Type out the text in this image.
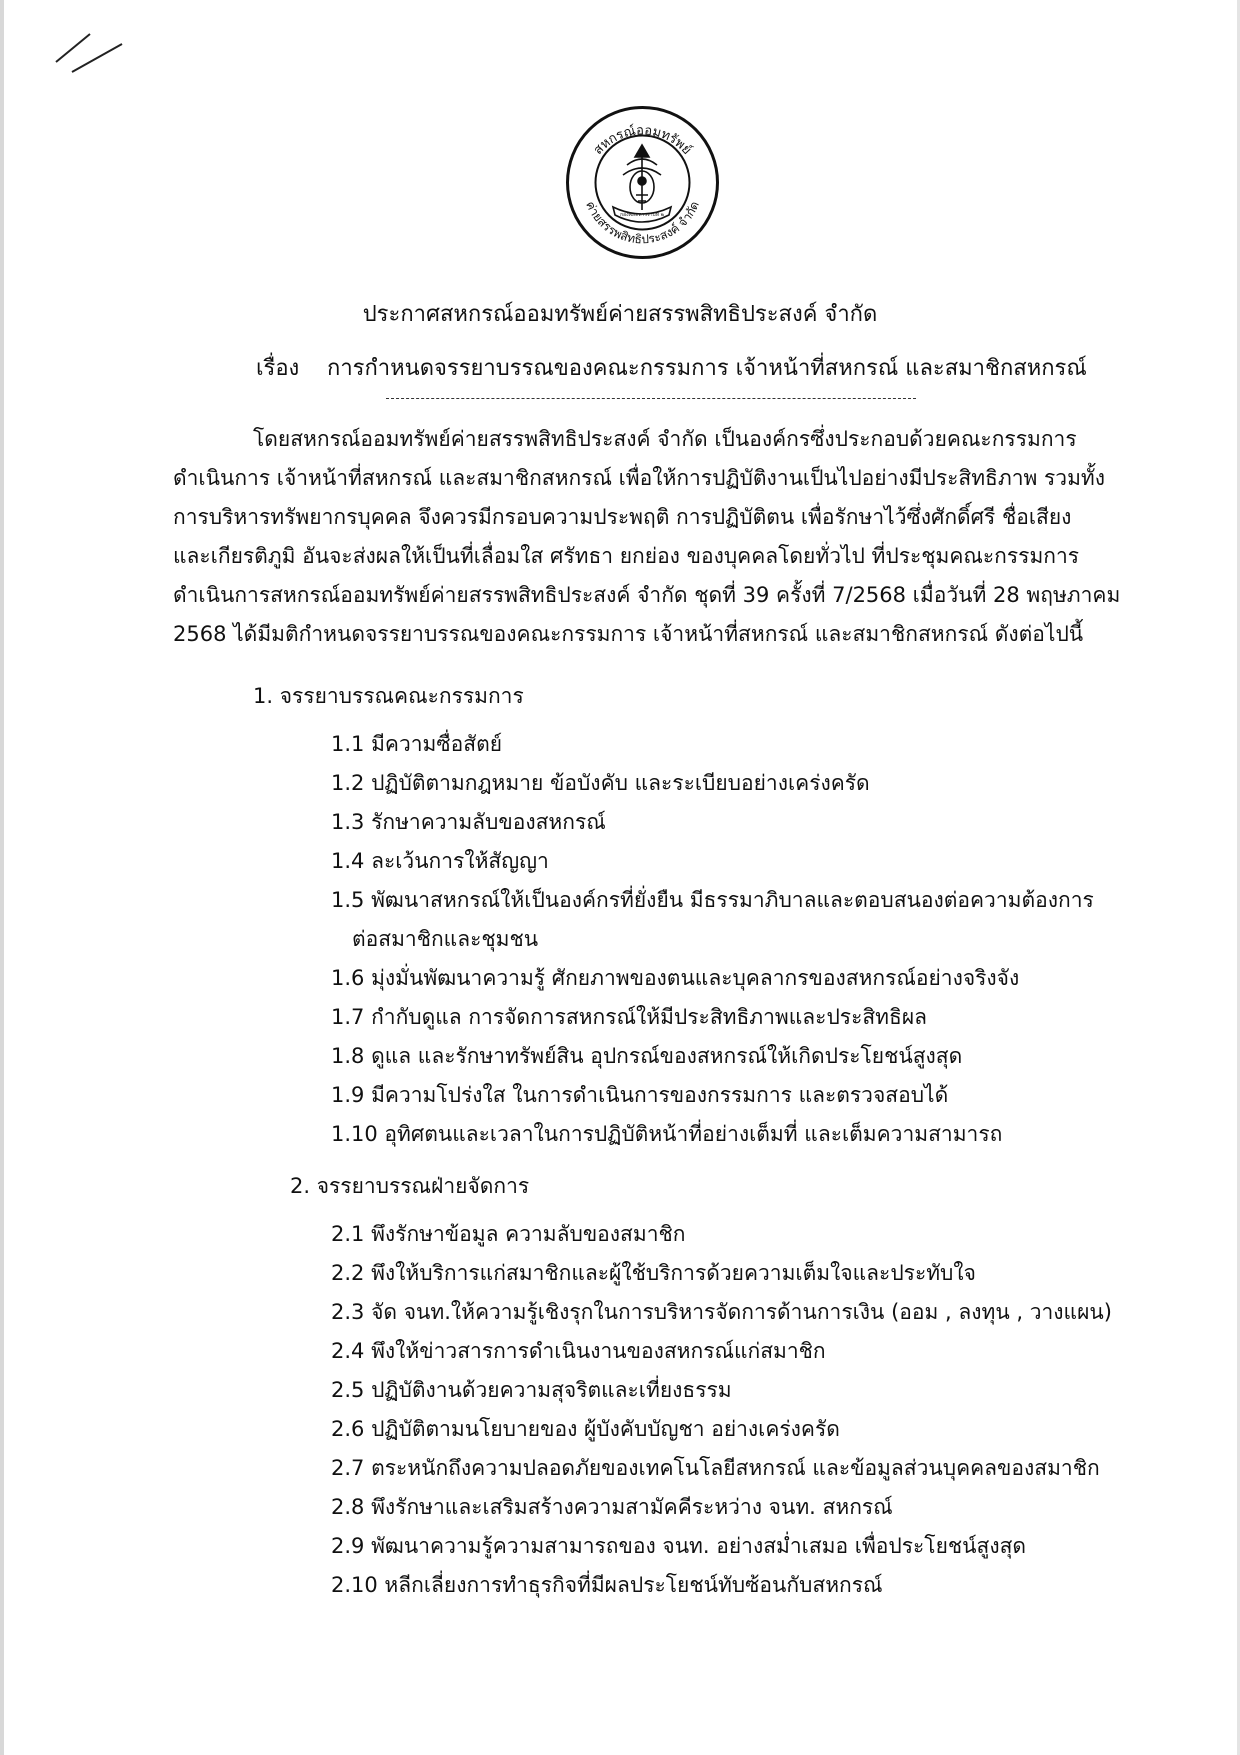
สหกรณ์ออมทรัพย์
ค่ายสรรพสิทธิประสงค์ จำกัด
กองพลทหารราบที่ ๒
ประกาศสหกรณ์ออมทรัพย์ค่ายสรรพสิทธิประสงค์ จำกัด
เรื่อง การกำหนดจรรยาบรรณของคณะกรรมการ เจ้าหน้าที่สหกรณ์ และสมาชิกสหกรณ์
โดยสหกรณ์ออมทรัพย์ค่ายสรรพสิทธิประสงค์ จำกัด เป็นองค์กรซึ่งประกอบด้วยคณะกรรมการ
ดำเนินการ เจ้าหน้าที่สหกรณ์ และสมาชิกสหกรณ์ เพื่อให้การปฏิบัติงานเป็นไปอย่างมีประสิทธิภาพ รวมทั้ง
การบริหารทรัพยากรบุคคล จึงควรมีกรอบความประพฤติ การปฏิบัติตน เพื่อรักษาไว้ซึ่งศักดิ์ศรี ชื่อเสียง
และเกียรติภูมิ อันจะส่งผลให้เป็นที่เลื่อมใส ศรัทธา ยกย่อง ของบุคคลโดยทั่วไป ที่ประชุมคณะกรรมการ
ดำเนินการสหกรณ์ออมทรัพย์ค่ายสรรพสิทธิประสงค์ จำกัด ชุดที่ 39 ครั้งที่ 7/2568 เมื่อวันที่ 28 พฤษภาคม
2568 ได้มีมติกำหนดจรรยาบรรณของคณะกรรมการ เจ้าหน้าที่สหกรณ์ และสมาชิกสหกรณ์ ดังต่อไปนี้
1. จรรยาบรรณคณะกรรมการ
1.1 มีความซื่อสัตย์
1.2 ปฏิบัติตามกฎหมาย ข้อบังคับ และระเบียบอย่างเคร่งครัด
1.3 รักษาความลับของสหกรณ์
1.4 ละเว้นการให้สัญญา
1.5 พัฒนาสหกรณ์ให้เป็นองค์กรที่ยั่งยืน มีธรรมาภิบาลและตอบสนองต่อความต้องการ
ต่อสมาชิกและชุมชน
1.6 มุ่งมั่นพัฒนาความรู้ ศักยภาพของตนและบุคลากรของสหกรณ์อย่างจริงจัง
1.7 กำกับดูแล การจัดการสหกรณ์ให้มีประสิทธิภาพและประสิทธิผล
1.8 ดูแล และรักษาทรัพย์สิน อุปกรณ์ของสหกรณ์ให้เกิดประโยชน์สูงสุด
1.9 มีความโปร่งใส ในการดำเนินการของกรรมการ และตรวจสอบได้
1.10 อุทิศตนและเวลาในการปฏิบัติหน้าที่อย่างเต็มที่ และเต็มความสามารถ
2. จรรยาบรรณฝ่ายจัดการ
2.1 พึงรักษาข้อมูล ความลับของสมาชิก
2.2 พึงให้บริการแก่สมาชิกและผู้ใช้บริการด้วยความเต็มใจและประทับใจ
2.3 จัด จนท.ให้ความรู้เชิงรุกในการบริหารจัดการด้านการเงิน (ออม , ลงทุน , วางแผน)
2.4 พึงให้ข่าวสารการดำเนินงานของสหกรณ์แก่สมาชิก
2.5 ปฏิบัติงานด้วยความสุจริตและเที่ยงธรรม
2.6 ปฏิบัติตามนโยบายของ ผู้บังคับบัญชา อย่างเคร่งครัด
2.7 ตระหนักถึงความปลอดภัยของเทคโนโลยีสหกรณ์ และข้อมูลส่วนบุคคลของสมาชิก
2.8 พึงรักษาและเสริมสร้างความสามัคคีระหว่าง จนท. สหกรณ์
2.9 พัฒนาความรู้ความสามารถของ จนท. อย่างสม่ำเสมอ เพื่อประโยชน์สูงสุด
2.10 หลีกเลี่ยงการทำธุรกิจที่มีผลประโยชน์ทับซ้อนกับสหกรณ์
